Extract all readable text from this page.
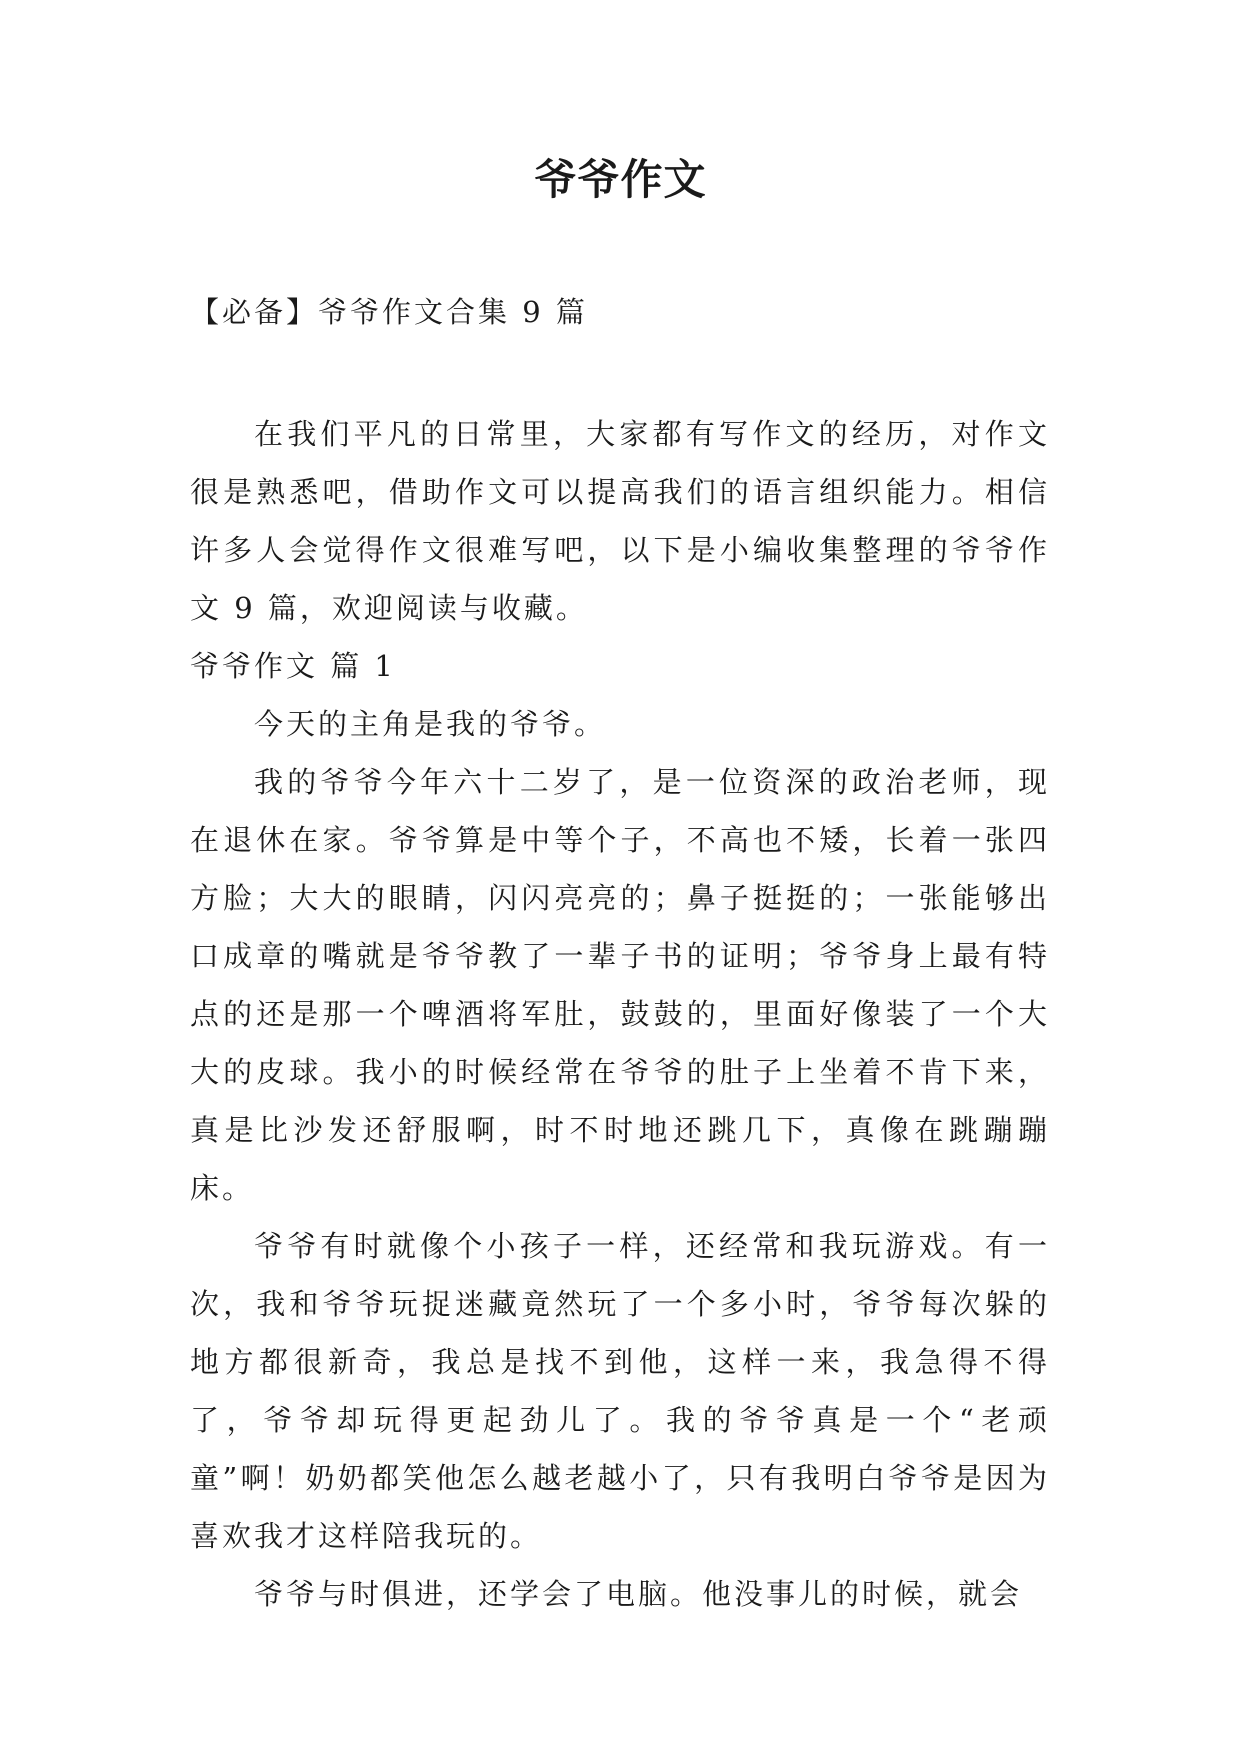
爷爷作文

【必备】爷爷作文合集 9 篇

在我们平凡的日常里，大家都有写作文的经历，对作文很是熟悉吧，借助作文可以提高我们的语言组织能力。相信许多人会觉得作文很难写吧，以下是小编收集整理的爷爷作文 9 篇，欢迎阅读与收藏。

爷爷作文 篇 1

今天的主角是我的爷爷。

我的爷爷今年六十二岁了，是一位资深的政治老师，现在退休在家。爷爷算是中等个子，不高也不矮，长着一张四方脸；大大的眼睛，闪闪亮亮的；鼻子挺挺的；一张能够出口成章的嘴就是爷爷教了一辈子书的证明；爷爷身上最有特点的还是那一个啤酒将军肚，鼓鼓的，里面好像装了一个大大的皮球。我小的时候经常在爷爷的肚子上坐着不肯下来，真是比沙发还舒服啊，时不时地还跳几下，真像在跳蹦蹦床。

爷爷有时就像个小孩子一样，还经常和我玩游戏。有一次，我和爷爷玩捉迷藏竟然玩了一个多小时，爷爷每次躲的地方都很新奇，我总是找不到他，这样一来，我急得不得了，爷爷却玩得更起劲儿了。我的爷爷真是一个“老顽童”啊！奶奶都笑他怎么越老越小了，只有我明白爷爷是因为喜欢我才这样陪我玩的。

爷爷与时俱进，还学会了电脑。他没事儿的时候，就会
